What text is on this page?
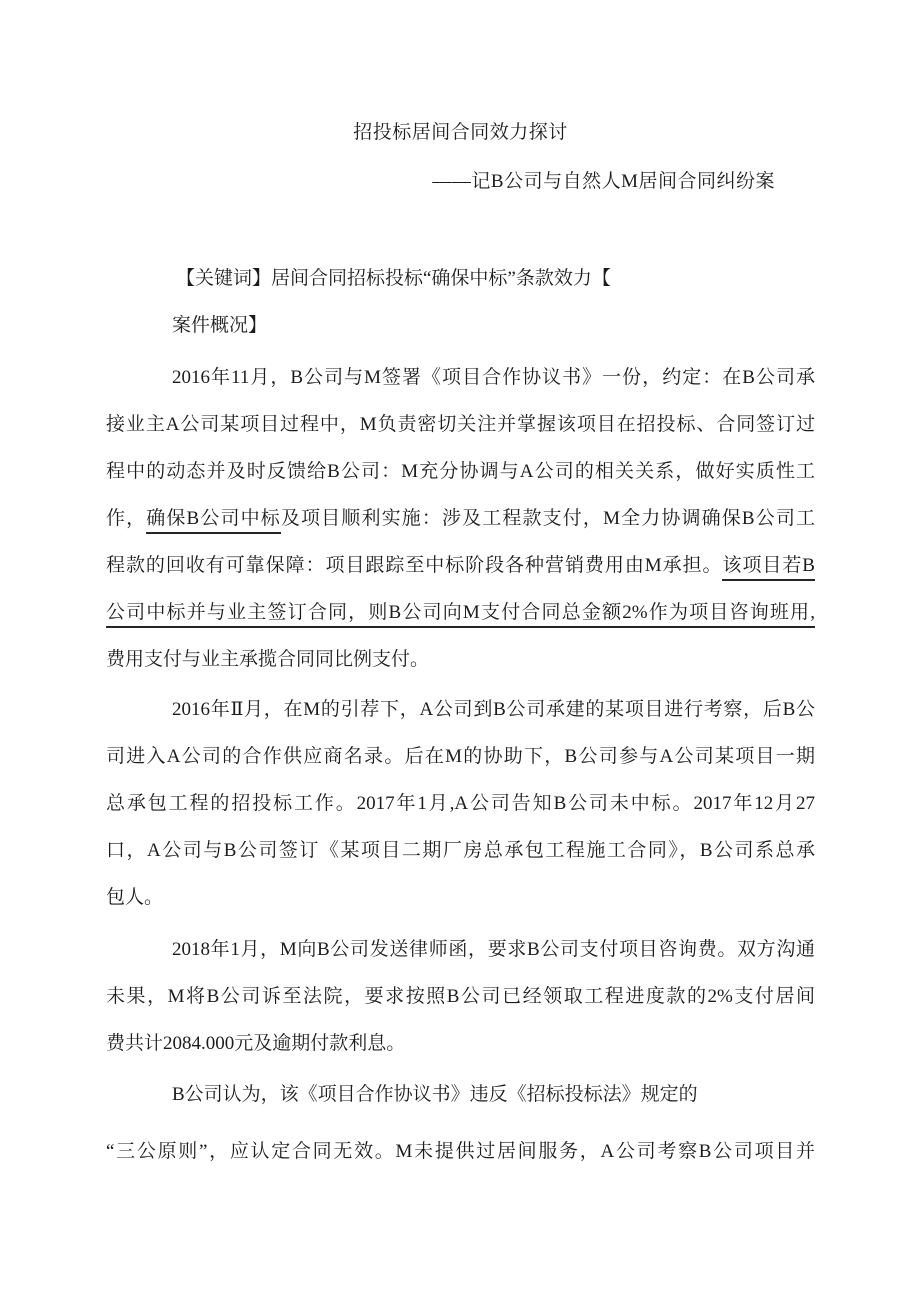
招投标居间合同效力探讨
——记B公司与自然人M居间合同纠纷案
【关键词】居间合同招标投标“确保中标”条款效力【
案件概况】
2016年11月，B公司与M签署《项目合作协议书》一份，约定：在B公司承
接业主A公司某项目过程中，M负责密切关注并掌握该项目在招投标、合同签订过
程中的动态并及时反馈给B公司：M充分协调与A公司的相关关系，做好实质性工
作，确保B公司中标及项目顺利实施：涉及工程款支付，M全力协调确保B公司工
程款的回收有可靠保障：项目跟踪至中标阶段各种营销费用由M承担。该项目若B
公司中标并与业主签订合同，则B公司向M支付合同总金额2%作为项目咨询班用,
费用支付与业主承揽合同同比例支付。
2016年Ⅱ月，在M的引荐下，A公司到B公司承建的某项目进行考察，后B公
司进入A公司的合作供应商名录。后在M的协助下，B公司参与A公司某项目一期
总承包工程的招投标工作。2017年1月,A公司告知B公司未中标。2017年12月27
口，A公司与B公司签订《某项目二期厂房总承包工程施工合同》，B公司系总承
包人。
2018年1月，M向B公司发送律师函，要求B公司支付项目咨询费。双方沟通
未果，M将B公司诉至法院，要求按照B公司已经领取工程进度款的2%支付居间
费共计2084.000元及逾期付款利息。
B公司认为，该《项目合作协议书》违反《招标投标法》规定的
“三公原则”，应认定合同无效。M未提供过居间服务，A公司考察B公司项目并
